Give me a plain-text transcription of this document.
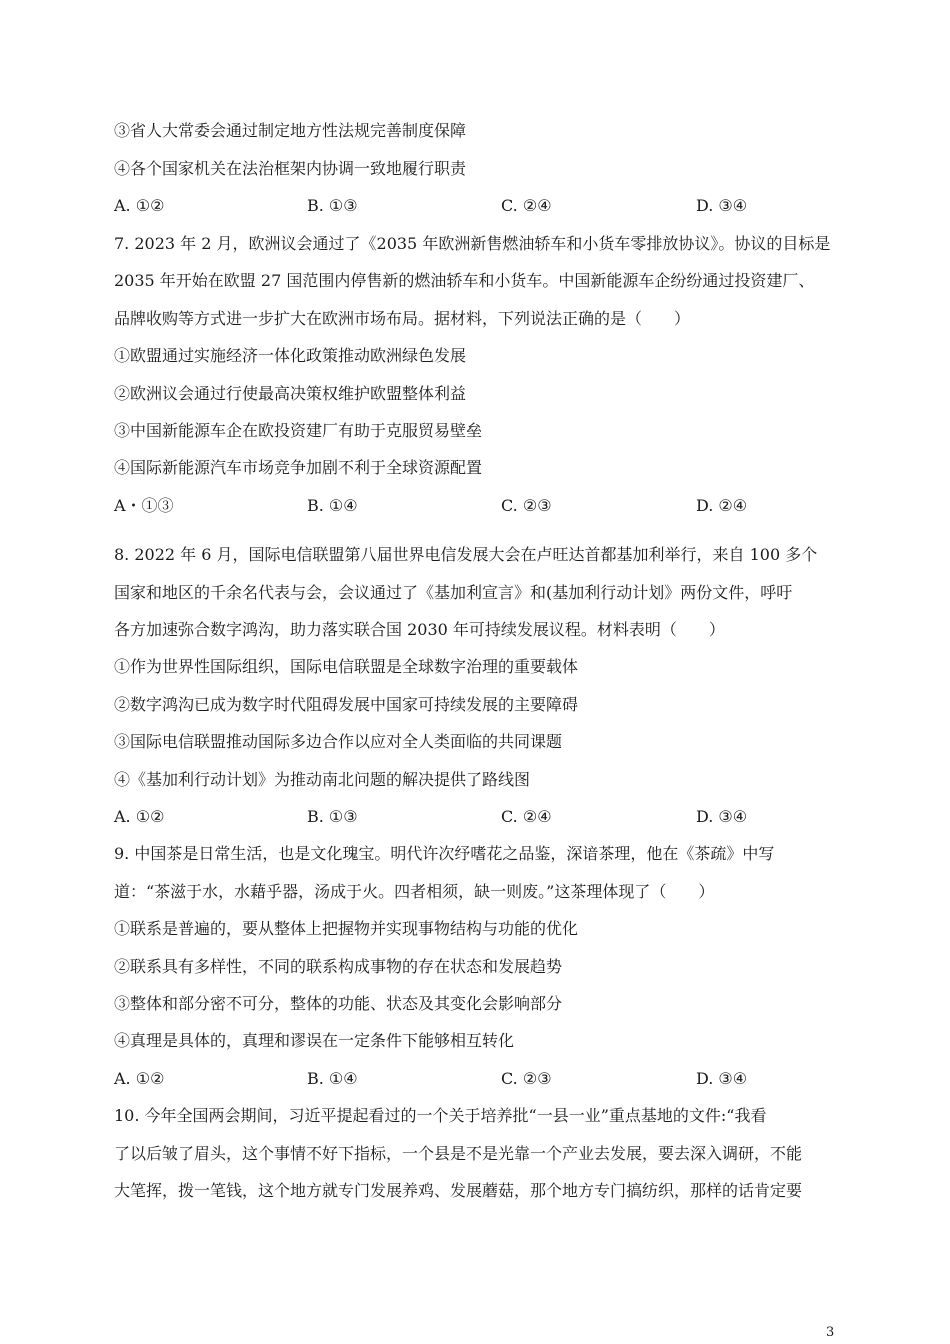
③省人大常委会通过制定地方性法规完善制度保障
④各个国家机关在法治框架内协调一致地履行职责
A. ①②	B. ①③	C. ②④	D. ③④
7. 2023 年 2 月，欧洲议会通过了《2035 年欧洲新售燃油轿车和小货车零排放协议》。协议的目标是
2035 年开始在欧盟 27 国范围内停售新的燃油轿车和小货车。中国新能源车企纷纷通过投资建厂、
品牌收购等方式进一步扩大在欧洲市场布局。据材料，下列说法正确的是（　　）
①欧盟通过实施经济一体化政策推动欧洲绿色发展
②欧洲议会通过行使最高决策权维护欧盟整体利益
③中国新能源车企在欧投资建厂有助于克服贸易壁垒
④国际新能源汽车市场竞争加剧不利于全球资源配置
A・①③	B. ①④	C. ②③	D. ②④
8. 2022 年 6 月，国际电信联盟第八届世界电信发展大会在卢旺达首都基加利举行，来自 100 多个
国家和地区的千余名代表与会，会议通过了《基加利宣言》和(基加利行动计划》两份文件，呼吁
各方加速弥合数字鸿沟，助力落实联合国 2030 年可持续发展议程。材料表明（　　）
①作为世界性国际组织，国际电信联盟是全球数字治理的重要载体
②数字鸿沟已成为数字时代阻碍发展中国家可持续发展的主要障碍
③国际电信联盟推动国际多边合作以应对全人类面临的共同课题
④《基加利行动计划》为推动南北问题的解决提供了路线图
A. ①②	B. ①③	C. ②④	D. ③④
9. 中国茶是日常生活，也是文化瑰宝。明代许次纾嗜花之品鉴，深谙茶理，他在《茶疏》中写
道：“茶滋于水，水藉乎器，汤成于火。四者相须，缺一则废。”这茶理体现了（　　）
①联系是普遍的，要从整体上把握物并实现事物结构与功能的优化
②联系具有多样性，不同的联系构成事物的存在状态和发展趋势
③整体和部分密不可分，整体的功能、状态及其变化会影响部分
④真理是具体的，真理和谬误在一定条件下能够相互转化
A. ①②	B. ①④	C. ②③	D. ③④
10. 今年全国两会期间，习近平提起看过的一个关于培养批“一县一业”重点基地的文件:“我看
了以后皱了眉头，这个事情不好下指标，一个县是不是光靠一个产业去发展，要去深入调研，不能
大笔挥，拨一笔钱，这个地方就专门发展养鸡、发展蘑菇，那个地方专门搞纺织，那样的话肯定要
3
